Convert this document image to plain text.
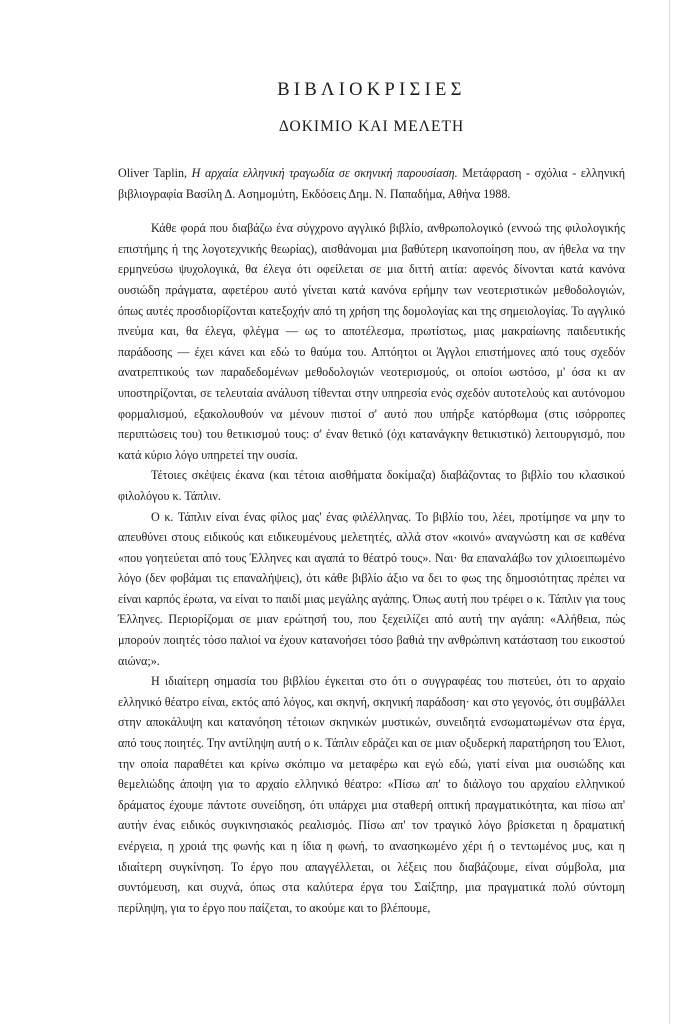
ΒΙΒΛΙΟΚΡΙΣΙΕΣ
ΔΟΚΙΜΙΟ ΚΑΙ ΜΕΛΕΤΗ

Oliver Taplin, Η αρχαία ελληνική τραγωδία σε σκηνική παρουσίαση. Μετάφραση - σχόλια - ελληνική βιβλιογραφία Βασίλη Δ. Ασημομύτη, Εκδόσεις Δημ. Ν. Παπαδήμα, Αθήνα 1988.

Κάθε φορά που διαβάζω ένα σύγχρονο αγγλικό βιβλίο, ανθρωπολογικό (εννοώ της φιλολογικής επιστήμης ή της λογοτεχνικής θεωρίας), αισθάνομαι μια βαθύτερη ικανοποίηση που, αν ήθελα να την ερμηνεύσω ψυχολογικά, θα έλεγα ότι οφείλεται σε μια διττή αιτία: αφενός δίνονται κατά κανόνα ουσιώδη πράγματα, αφετέρου αυτό γίνεται κατά κανόνα ερήμην των νεοτεριστικών μεθοδολογιών, όπως αυτές προσδιορίζονται κατεξοχήν από τη χρήση της δομολογίας και της σημειολογίας. Το αγγλικό πνεύμα και, θα έλεγα, φλέγμα — ως το αποτέλεσμα, πρωτίστως, μιας μακραίωνης παιδευτικής παράδοσης — έχει κάνει και εδώ το θαύμα του. Απτόητοι οι Άγγλοι επιστήμονες από τους σχεδόν ανατρεπτικούς των παραδεδομένων μεθοδολογιών νεοτερισμούς, οι οποίοι ωστόσο, μ' όσα κι αν υποστηρίζονται, σε τελευταία ανάλυση τίθενται στην υπηρεσία ενός σχεδόν αυτοτελούς και αυτόνομου φορμαλισμού, εξακολουθούν να μένουν πιστοί σ' αυτό που υπήρξε κατόρθωμα (στις ισόρροπες περιπτώσεις του) του θετικισμού τους: σ' έναν θετικό (όχι κατανάγκην θετικιστικό) λειτουργισμό, που κατά κύριο λόγο υπηρετεί την ουσία.

Τέτοιες σκέψεις έκανα (και τέτοια αισθήματα δοκίμαζα) διαβάζοντας το βιβλίο του κλασικού φιλολόγου κ. Τάπλιν.

Ο κ. Τάπλιν είναι ένας φίλος μας' ένας φιλέλληνας. Το βιβλίο του, λέει, προτίμησε να μην το απευθύνει στους ειδικούς και ειδικευμένους μελετητές, αλλά στον «κοινό» αναγνώστη και σε καθένα «που γοητεύεται από τους Έλληνες και αγαπά το θέατρό τους». Ναι· θα επαναλάβω τον χιλιοειπωμένο λόγο (δεν φοβάμαι τις επαναλήψεις), ότι κάθε βιβλίο άξιο να δει το φως της δημοσιότητας πρέπει να είναι καρπός έρωτα, να είναι το παιδί μιας μεγάλης αγάπης. Όπως αυτή που τρέφει ο κ. Τάπλιν για τους Έλληνες. Περιορίζομαι σε μιαν ερώτησή του, που ξεχειλίζει από αυτή την αγάπη: «Αλήθεια, πώς μπορούν ποιητές τόσο παλιοί να έχουν κατανοήσει τόσο βαθιά την ανθρώπινη κατάσταση του εικοστού αιώνα;».

Η ιδιαίτερη σημασία του βιβλίου έγκειται στο ότι ο συγγραφέας του πιστεύει, ότι το αρχαίο ελληνικό θέατρο είναι, εκτός από λόγος, και σκηνή, σκηνική παράδοση· και στο γεγονός, ότι συμβάλλει στην αποκάλυψη και κατανόηση τέτοιων σκηνικών μυστικών, συνειδητά ενσωματωμένων στα έργα, από τους ποιητές. Την αντίληψη αυτή ο κ. Τάπλιν εδράζει και σε μιαν οξυδερκή παρατήρηση του Έλιοτ, την οποία παραθέτει και κρίνω σκόπιμο να μεταφέρω και εγώ εδώ, γιατί είναι μια ουσιώδης και θεμελιώδης άποψη για το αρχαίο ελληνικό θέατρο: «Πίσω απ' το διάλογο του αρχαίου ελληνικού δράματος έχουμε πάντοτε συνείδηση, ότι υπάρχει μια σταθερή οπτική πραγματικότητα, και πίσω απ' αυτήν ένας ειδικός συγκινησιακός ρεαλισμός. Πίσω απ' τον τραγικό λόγο βρίσκεται η δραματική ενέργεια, η χροιά της φωνής και η ίδια η φωνή, το ανασηκωμένο χέρι ή ο τεντωμένος μυς, και η ιδιαίτερη συγκίνηση. Το έργο που απαγγέλλεται, οι λέξεις που διαβάζουμε, είναι σύμβολα, μια συντόμευση, και συχνά, όπως στα καλύτερα έργα του Σαίξπηρ, μια πραγματικά πολύ σύντομη περίληψη, για το έργο που παίζεται, το ακούμε και το βλέπουμε,
